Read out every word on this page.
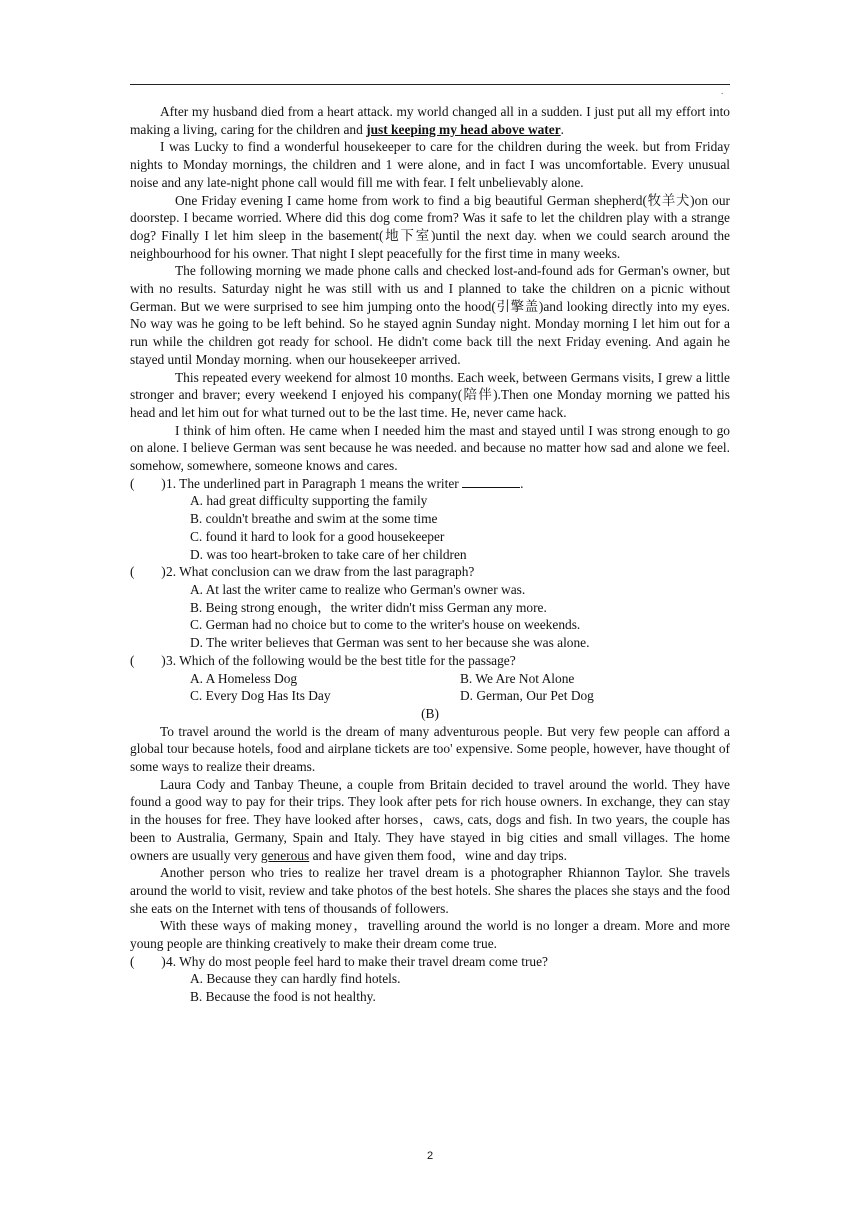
.

After my husband died from a heart attack. my world changed all in a sudden. I just put all my effort into making a living, caring for the children and just keeping my head above water.

I was Lucky to find a wonderful housekeeper to care for the children during the week. but from Friday nights to Monday mornings, the children and 1 were alone, and in fact I was uncomfortable. Every unusual noise and any late-night phone call would fill me with fear. I felt unbelievably alone.

One Friday evening I came home from work to find a big beautiful German shepherd(牧羊犬)on our doorstep. I became worried. Where did this dog come from? Was it safe to let the children play with a strange dog? Finally I let him sleep in the basement(地下室)until the next day. when we could search around the neighbourhood for his owner. That night I slept peacefully for the first time in many weeks.

The following morning we made phone calls and checked lost-and-found ads for German's owner, but with no results. Saturday night he was still with us and I planned to take the children on a picnic without German. But we were surprised to see him jumping onto the hood(引擎盖)and looking directly into my eyes. No way was he going to be left behind. So he stayed agnin Sunday night. Monday morning I let him out for a run while the children got ready for school. He didn't come back till the next Friday evening. And again he stayed until Monday morning. when our housekeeper arrived.

This repeated every weekend for almost 10 months. Each week, between Germans visits, I grew a little stronger and braver; every weekend I enjoyed his company(陪伴).Then one Monday morning we patted his head and let him out for what turned out to be the last time. He, never came hack.

I think of him often. He came when I needed him the mast and stayed until I was strong enough to go on alone. I believe German was sent because he was needed. and because no matter how sad and alone we feel. somehow, somewhere, someone knows and cares.

(        ) 1. The underlined part in Paragraph 1 means the writer	.

A. had great difficulty supporting the family

B. couldn't breathe and swim at the some time

C. found it hard to look for a good housekeeper

D. was too heart-broken to take care of her children

(        ) 2. What conclusion can we draw from the last paragraph?

A. At last the writer came to realize who German's owner was.

B. Being strong enough，the writer didn't miss German any more.

C. German had no choice but to come to the writer's house on weekends.

D. The writer believes that German was sent to her because she was alone.

(        ) 3. Which of the following would be the best title for the passage?
A. A Homeless Dog	B. We Are Not Alone
C. Every Dog Has Its Day	D. German, Our Pet Dog

(B)

To travel around the world is the dream of many adventurous people. But very few people can afford a global tour because hotels, food and airplane tickets are too' expensive. Some people, however, have thought of some ways to realize their dreams.

Laura Cody and Tanbay Theune, a couple from Britain decided to travel around the world. They have found a good way to pay for their trips. They look after pets for rich house owners. In exchange, they can stay in the houses for free. They have looked after horses，caws, cats, dogs and fish. In two years, the couple has been to Australia, Germany, Spain and Italy. They have stayed in big cities and small villages. The home owners are usually very generous and have given them food，wine and day trips.

Another person who tries to realize her travel dream is a photographer Rhiannon Taylor. She travels around the world to visit, review and take photos of the best hotels. She shares the places she stays and the food she eats on the Internet with tens of thousands of followers.

With these ways of making money，travelling around the world is no longer a dream. More and more young people are thinking creatively to make their dream come true.

(        ) 4. Why do most people feel hard to make their travel dream come true?

A. Because they can hardly find hotels.

B. Because the food is not healthy.

2
